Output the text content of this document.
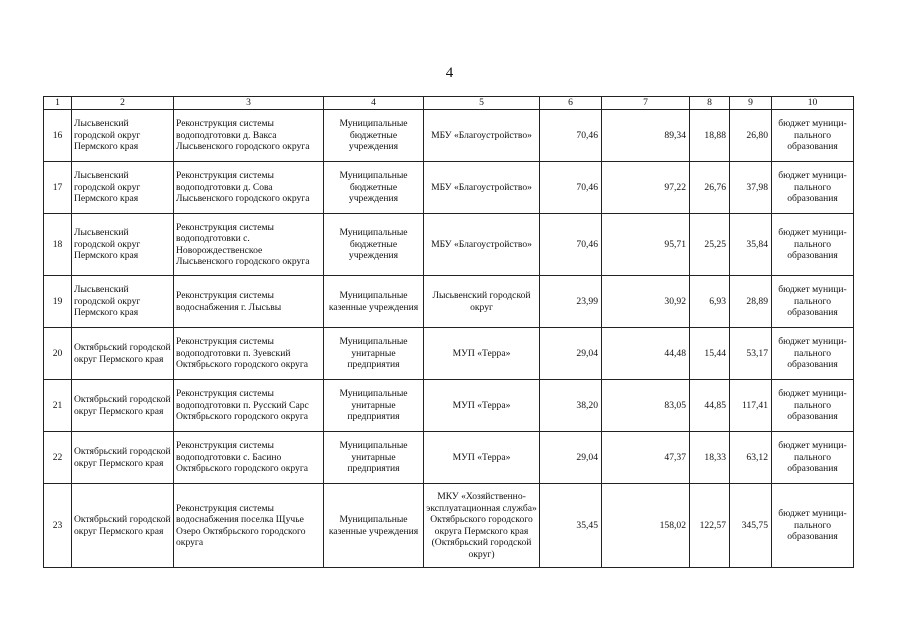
4
1	2	3	4	5	6	7	8	9	10
16	Лысьвенский городской округ Пермского края	Реконструкция системы водоподготовки д. Вакса Лысьвенского городского округа	Муниципальные бюджетные учреждения	МБУ «Благоустройство»	70,46	89,34	18,88	26,80	бюджет муници-пального образования
17	Лысьвенский городской округ Пермского края	Реконструкция системы водоподготовки д. Сова Лысьвенского городского округа	Муниципальные бюджетные учреждения	МБУ «Благоустройство»	70,46	97,22	26,76	37,98	бюджет муници-пального образования
18	Лысьвенский городской округ Пермского края	Реконструкция системы водоподготовки с. Новорождественское Лысьвенского городского округа	Муниципальные бюджетные учреждения	МБУ «Благоустройство»	70,46	95,71	25,25	35,84	бюджет муници-пального образования
19	Лысьвенский городской округ Пермского края	Реконструкция системы водоснабжения г. Лысьвы	Муниципальные казенные учреждения	Лысьвенский городской округ	23,99	30,92	6,93	28,89	бюджет муници-пального образования
20	Октябрьский городской округ Пермского края	Реконструкция системы водоподготовки п. Зуевский Октябрьского городского округа	Муниципальные унитарные предприятия	МУП «Терра»	29,04	44,48	15,44	53,17	бюджет муници-пального образования
21	Октябрьский городской округ Пермского края	Реконструкция системы водоподготовки п. Русский Сарс Октябрьского городского округа	Муниципальные унитарные предприятия	МУП «Терра»	38,20	83,05	44,85	117,41	бюджет муници-пального образования
22	Октябрьский городской округ Пермского края	Реконструкция системы водоподготовки с. Басино Октябрьского городского округа	Муниципальные унитарные предприятия	МУП «Терра»	29,04	47,37	18,33	63,12	бюджет муници-пального образования
23	Октябрьский городской округ Пермского края	Реконструкция системы водоснабжения поселка Щучье Озеро Октябрьского городского округа	Муниципальные казенные учреждения	МКУ «Хозяйственно-эксплуатационная служба» Октябрьского городского округа Пермского края (Октябрьский городской округ)	35,45	158,02	122,57	345,75	бюджет муници-пального образования
